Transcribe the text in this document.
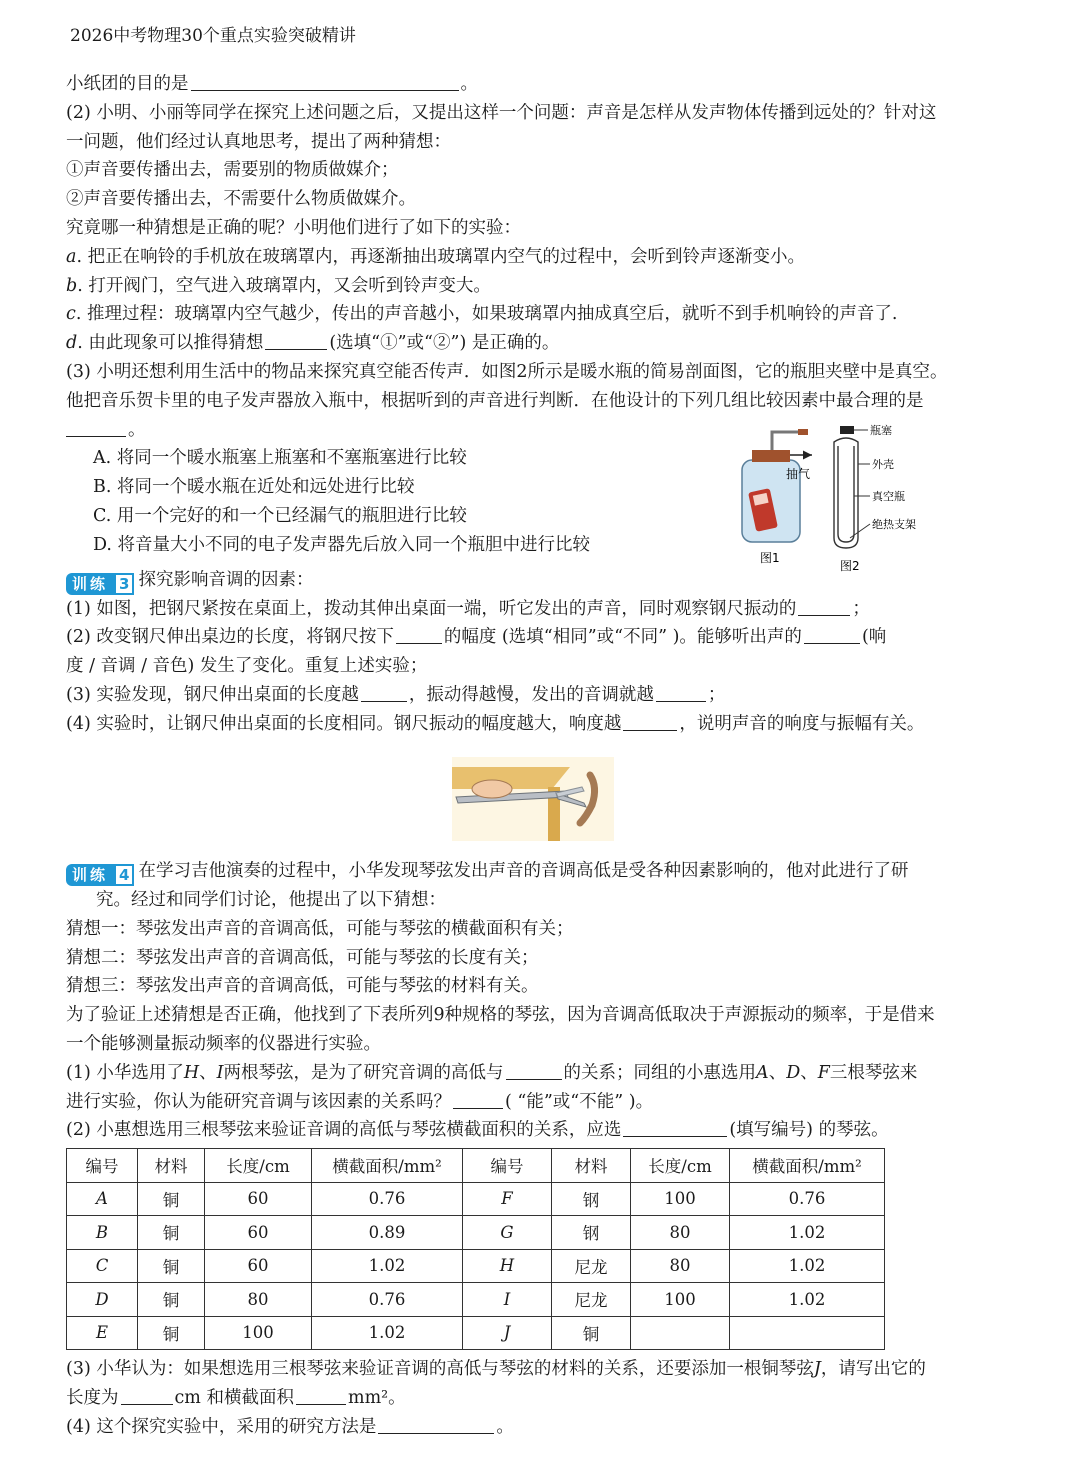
2026中考物理30个重点实验突破精讲
小纸团的目的是	。
(2) 小明、小丽等同学在探究上述问题之后，又提出这样一个问题：声音是怎样从发声物体传播到远处的？针对这
一问题，他们经过认真地思考，提出了两种猜想：
①声音要传播出去，需要别的物质做媒介；
②声音要传播出去，不需要什么物质做媒介。
究竟哪一种猜想是正确的呢？小明他们进行了如下的实验：
a. 把正在响铃的手机放在玻璃罩内，再逐渐抽出玻璃罩内空气的过程中，会听到铃声逐渐变小。
b. 打开阀门，空气进入玻璃罩内，又会听到铃声变大。
c. 推理过程：玻璃罩内空气越少，传出的声音越小，如果玻璃罩内抽成真空后，就听不到手机响铃的声音了.
d. 由此现象可以推得猜想	(选填“①”或“②”) 是正确的。
(3) 小明还想利用生活中的物品来探究真空能否传声．如图2所示是暖水瓶的简易剖面图，它的瓶胆夹壁中是真空。
他把音乐贺卡里的电子发声器放入瓶中，根据听到的声音进行判断．在他设计的下列几组比较因素中最合理的是
。
A. 将同一个暖水瓶塞上瓶塞和不塞瓶塞进行比较
B. 将同一个暖水瓶在近处和远处进行比较
C. 用一个完好的和一个已经漏气的瓶胆进行比较
D. 将音量大小不同的电子发声器先后放入同一个瓶胆中进行比较
训练 3 探究影响音调的因素：
(1) 如图，把钢尺紧按在桌面上，拨动其伸出桌面一端，听它发出的声音，同时观察钢尺振动的	；
(2) 改变钢尺伸出桌边的长度，将钢尺按下	的幅度 (选填“相同”或“不同” )。能够听出声的	(响
度 / 音调 / 音色) 发生了变化。重复上述实验；
(3) 实验发现，钢尺伸出桌面的长度越	，振动得越慢，发出的音调就越	；
(4) 实验时，让钢尺伸出桌面的长度相同。钢尺振动的幅度越大，响度越	，说明声音的响度与振幅有关。
抽气
图1
瓶塞
外壳
真空瓶
绝热支架
图2
训练 4 在学习吉他演奏的过程中，小华发现琴弦发出声音的音调高低是受各种因素影响的，他对此进行了研
究。经过和同学们讨论，他提出了以下猜想：
猜想一：琴弦发出声音的音调高低，可能与琴弦的横截面积有关；
猜想二：琴弦发出声音的音调高低，可能与琴弦的长度有关；
猜想三：琴弦发出声音的音调高低，可能与琴弦的材料有关。
为了验证上述猜想是否正确，他找到了下表所列9种规格的琴弦，因为音调高低取决于声源振动的频率，于是借来
一个能够测量振动频率的仪器进行实验。
(1) 小华选用了H、I两根琴弦，是为了研究音调的高低与	的关系；同组的小惠选用A、D、F三根琴弦来
进行实验，你认为能研究音调与该因素的关系吗？	( “能”或“不能” )。
(2) 小惠想选用三根琴弦来验证音调的高低与琴弦横截面积的关系，应选	(填写编号) 的琴弦。
编号	材料	长度/cm	横截面积/mm²	编号	材料	长度/cm	横截面积/mm²
A	铜	60	0.76	F	钢	100	0.76
B	铜	60	0.89	G	钢	80	1.02
C	铜	60	1.02	H	尼龙	80	1.02
D	铜	80	0.76	I	尼龙	100	1.02
E	铜	100	1.02	J	铜		
(3) 小华认为：如果想选用三根琴弦来验证音调的高低与琴弦的材料的关系，还要添加一根铜琴弦J，请写出它的
长度为	cm 和横截面积	mm²。
(4) 这个探究实验中，采用的研究方法是	。
